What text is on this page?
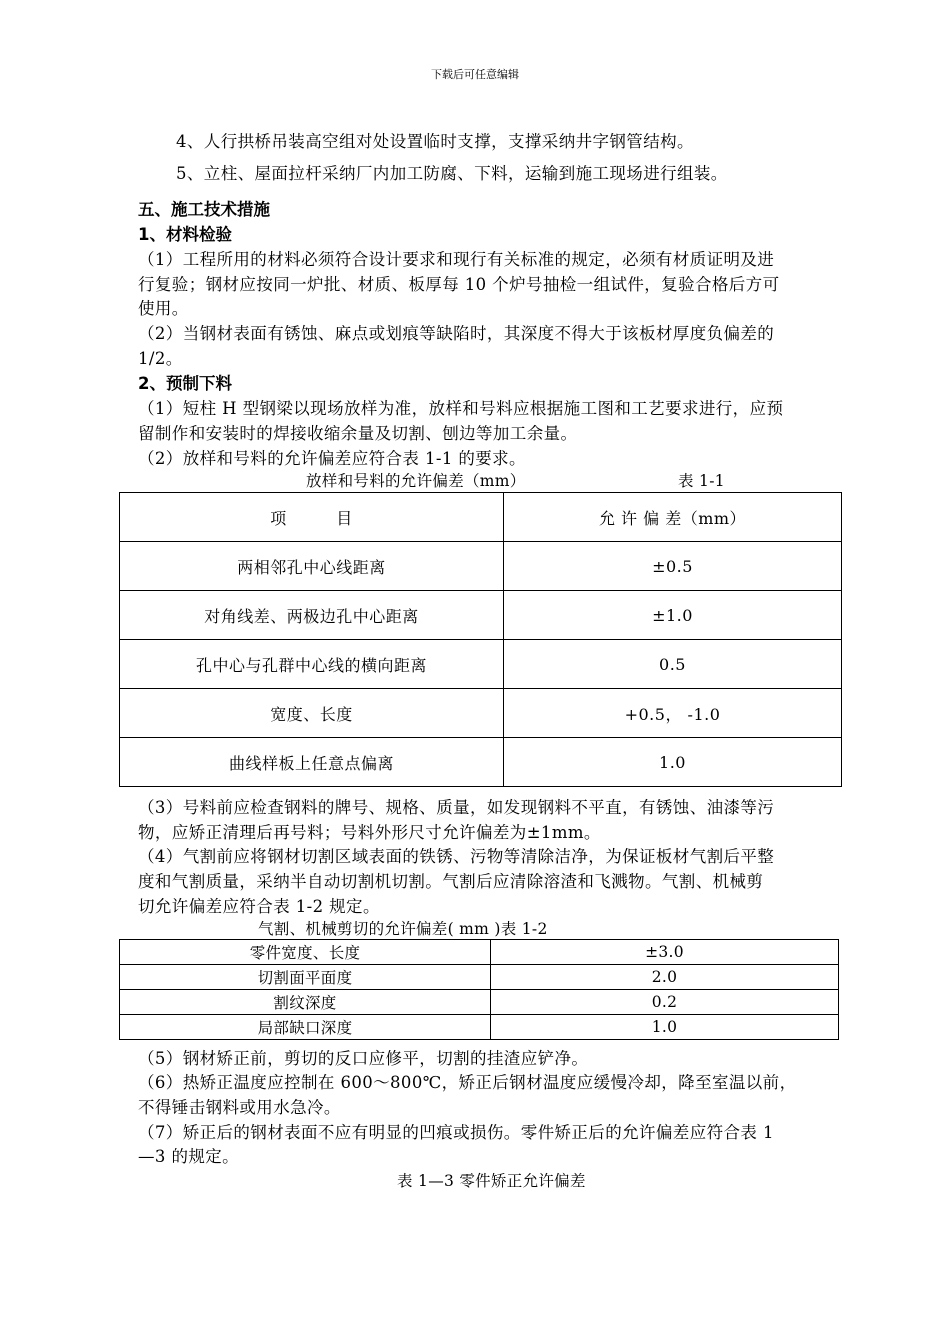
下载后可任意编辑
4、人行拱桥吊装高空组对处设置临时支撑，支撑采纳井字钢管结构。
5、立柱、屋面拉杆采纳厂内加工防腐、下料，运输到施工现场进行组装。
五、施工技术措施
1、材料检验
（1）工程所用的材料必须符合设计要求和现行有关标准的规定，必须有材质证明及进
行复验；钢材应按同一炉批、材质、板厚每 10 个炉号抽检一组试件，复验合格后方可
使用。
（2）当钢材表面有锈蚀、麻点或划痕等缺陷时，其深度不得大于该板材厚度负偏差的
1/2。
2、预制下料
（1）短柱 H 型钢梁以现场放样为准，放样和号料应根据施工图和工艺要求进行，应预
留制作和安装时的焊接收缩余量及切割、刨边等加工余量。
（2）放样和号料的允许偏差应符合表 1-1 的要求。
放样和号料的允许偏差（mm）	表 1-1
项　　　目	允 许 偏 差（mm）
两相邻孔中心线距离	±0.5
对角线差、两极边孔中心距离	±1.0
孔中心与孔群中心线的横向距离	0.5
宽度、长度	+0.5， -1.0
曲线样板上任意点偏离	1.0
（3）号料前应检查钢料的牌号、规格、质量，如发现钢料不平直，有锈蚀、油漆等污
物，应矫正清理后再号料；号料外形尺寸允许偏差为±1mm。
（4）气割前应将钢材切割区域表面的铁锈、污物等清除洁净，为保证板材气割后平整
度和气割质量，采纳半自动切割机切割。气割后应清除溶渣和飞溅物。气割、机械剪
切允许偏差应符合表 1-2 规定。
气割、机械剪切的允许偏差( mm )表 1-2
零件宽度、长度	±3.0
切割面平面度	2.0
割纹深度	0.2
局部缺口深度	1.0
（5）钢材矫正前，剪切的反口应修平，切割的挂渣应铲净。
（6）热矫正温度应控制在 600～800℃，矫正后钢材温度应缓慢冷却，降至室温以前，
不得锤击钢料或用水急冷。
（7）矫正后的钢材表面不应有明显的凹痕或损伤。零件矫正后的允许偏差应符合表 1
—3 的规定。
表 1—3 零件矫正允许偏差
